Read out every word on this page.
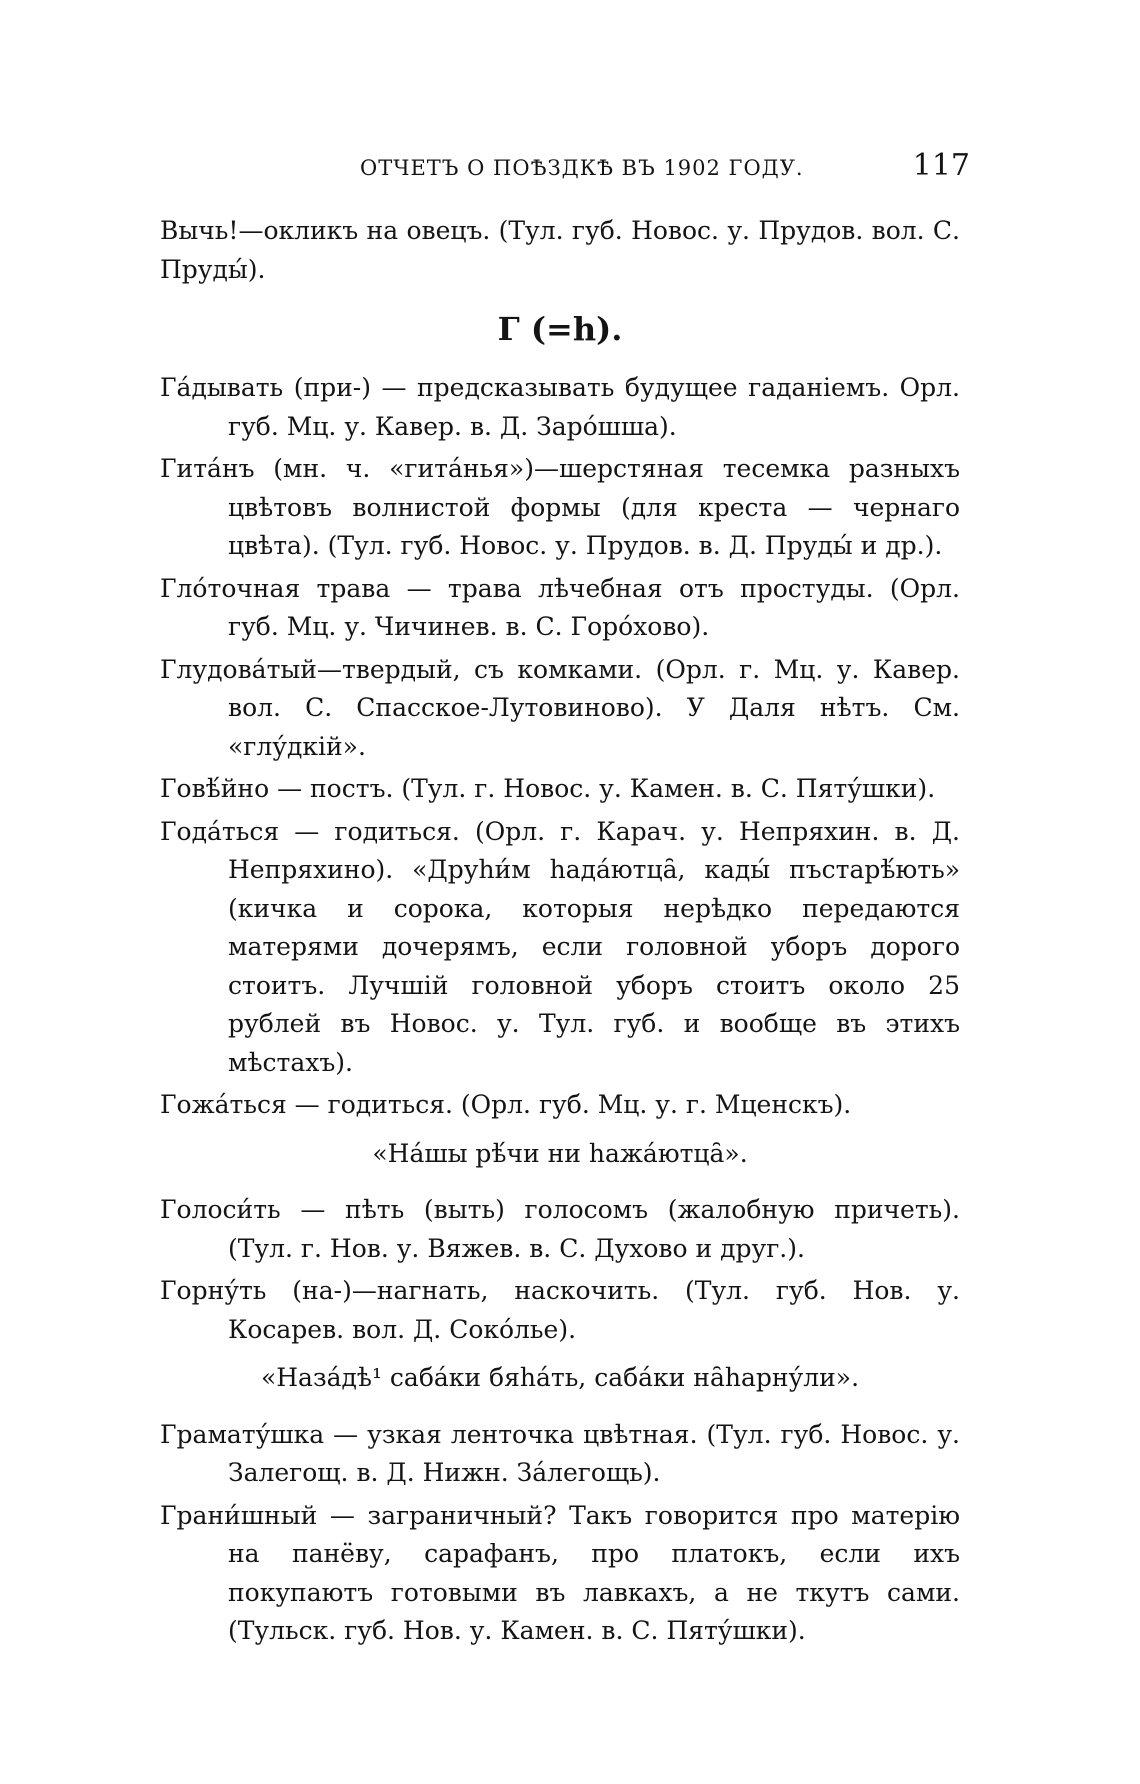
ОТЧЕТЪ О ПОѢЗДКѢ ВЪ 1902 ГОДУ.	117

Вычь!—окликъ на овецъ. (Тул. губ. Новос. у. Прудов. вол. С. Пруды́).

Г (=h).

Га́дывать (при-) — предсказывать будущее гаданіемъ. Орл. губ. Мц. у. Кавер. в. Д. Заро́шша).

Гита́нъ (мн. ч. «гита́нья»)—шерстяная тесемка разныхъ цвѣтовъ волнистой формы (для креста — чернаго цвѣта). (Тул. губ. Новос. у. Прудов. в. Д. Пруды́ и др.).

Гло́точная трава — трава лѣчебная отъ простуды. (Орл. губ. Мц. у. Чичинев. в. С. Горо́хово).

Глудова́тый—твердый, съ комками. (Орл. г. Мц. у. Кавер. вол. С. Спасское-Лутовиново). У Даля нѣтъ. См. «глу́дкій».

Говѣ́йно — постъ. (Тул. г. Новос. у. Камен. в. С. Пяту́шки).

Года́ться — годиться. (Орл. г. Карач. у. Непряхин. в. Д. Непряхино). «Друhи́м hада́ютца̑, кады́ пъстарѣ́ють» (кичка и сорока, которыя нерѣдко передаются матерями дочерямъ, если головной уборъ дорого стоитъ. Лучшій головной уборъ стоитъ около 25 рублей въ Новос. у. Тул. губ. и вообще въ этихъ мѣстахъ).

Гожа́ться — годиться. (Орл. губ. Мц. у. г. Мценскъ).

«На́шы рѣ́чи ни hажа́ютца̑».

Голоси́ть — пѣть (выть) голосомъ (жалобную причеть). (Тул. г. Нов. у. Вяжев. в. С. Духово и друг.).

Горну́ть (на-)—нагнать, наскочить. (Тул. губ. Нов. у. Косарев. вол. Д. Соко́лье).

«Наза́дѣ¹ саба́ки бяhа́ть, саба́ки на̑hарну́ли».

Грамату́шка — узкая ленточка цвѣтная. (Тул. губ. Новос. у. Залегощ. в. Д. Нижн. За́легощь).

Грани́шный — заграничный? Такъ говорится про матерію на панёву, сарафанъ, про платокъ, если ихъ покупаютъ готовыми въ лавкахъ, а не ткутъ сами. (Тульск. губ. Нов. у. Камен. в. С. Пяту́шки).
